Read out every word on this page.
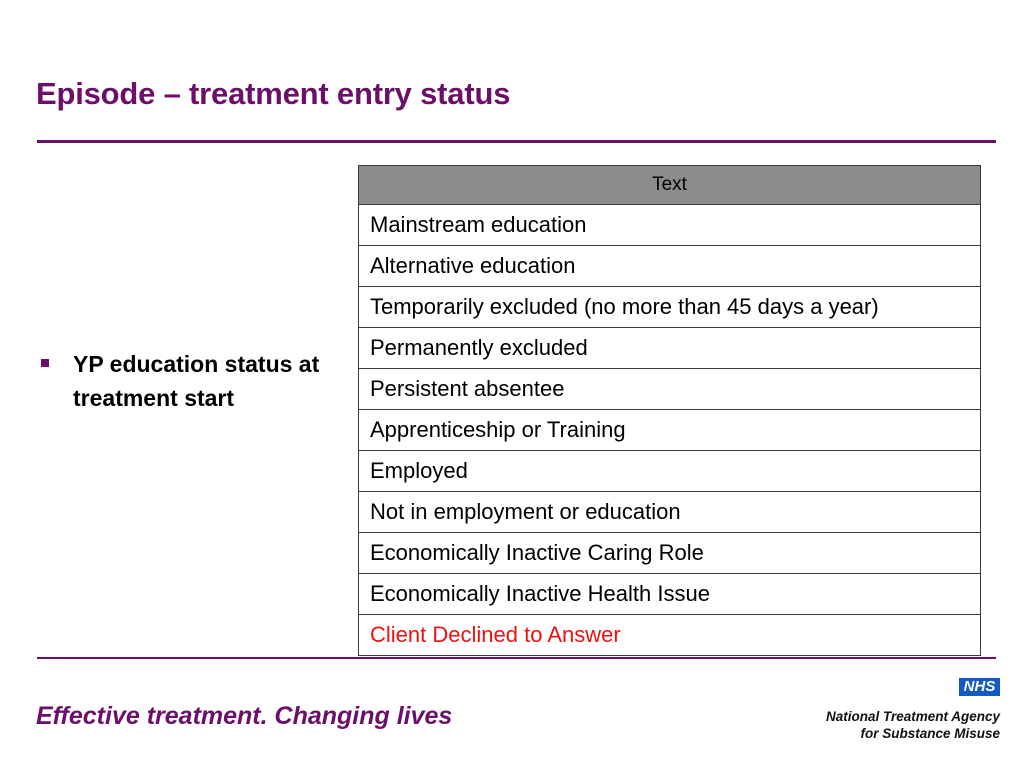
Episode – treatment entry status
YP education status at treatment start
Text
Mainstream education
Alternative education
Temporarily excluded (no more than 45 days a year)
Permanently excluded
Persistent absentee
Apprenticeship or Training
Employed
Not in employment or education
Economically Inactive Caring Role
Economically Inactive Health Issue
Client Declined to Answer
Effective treatment. Changing lives
NHS
National Treatment Agency
for Substance Misuse
